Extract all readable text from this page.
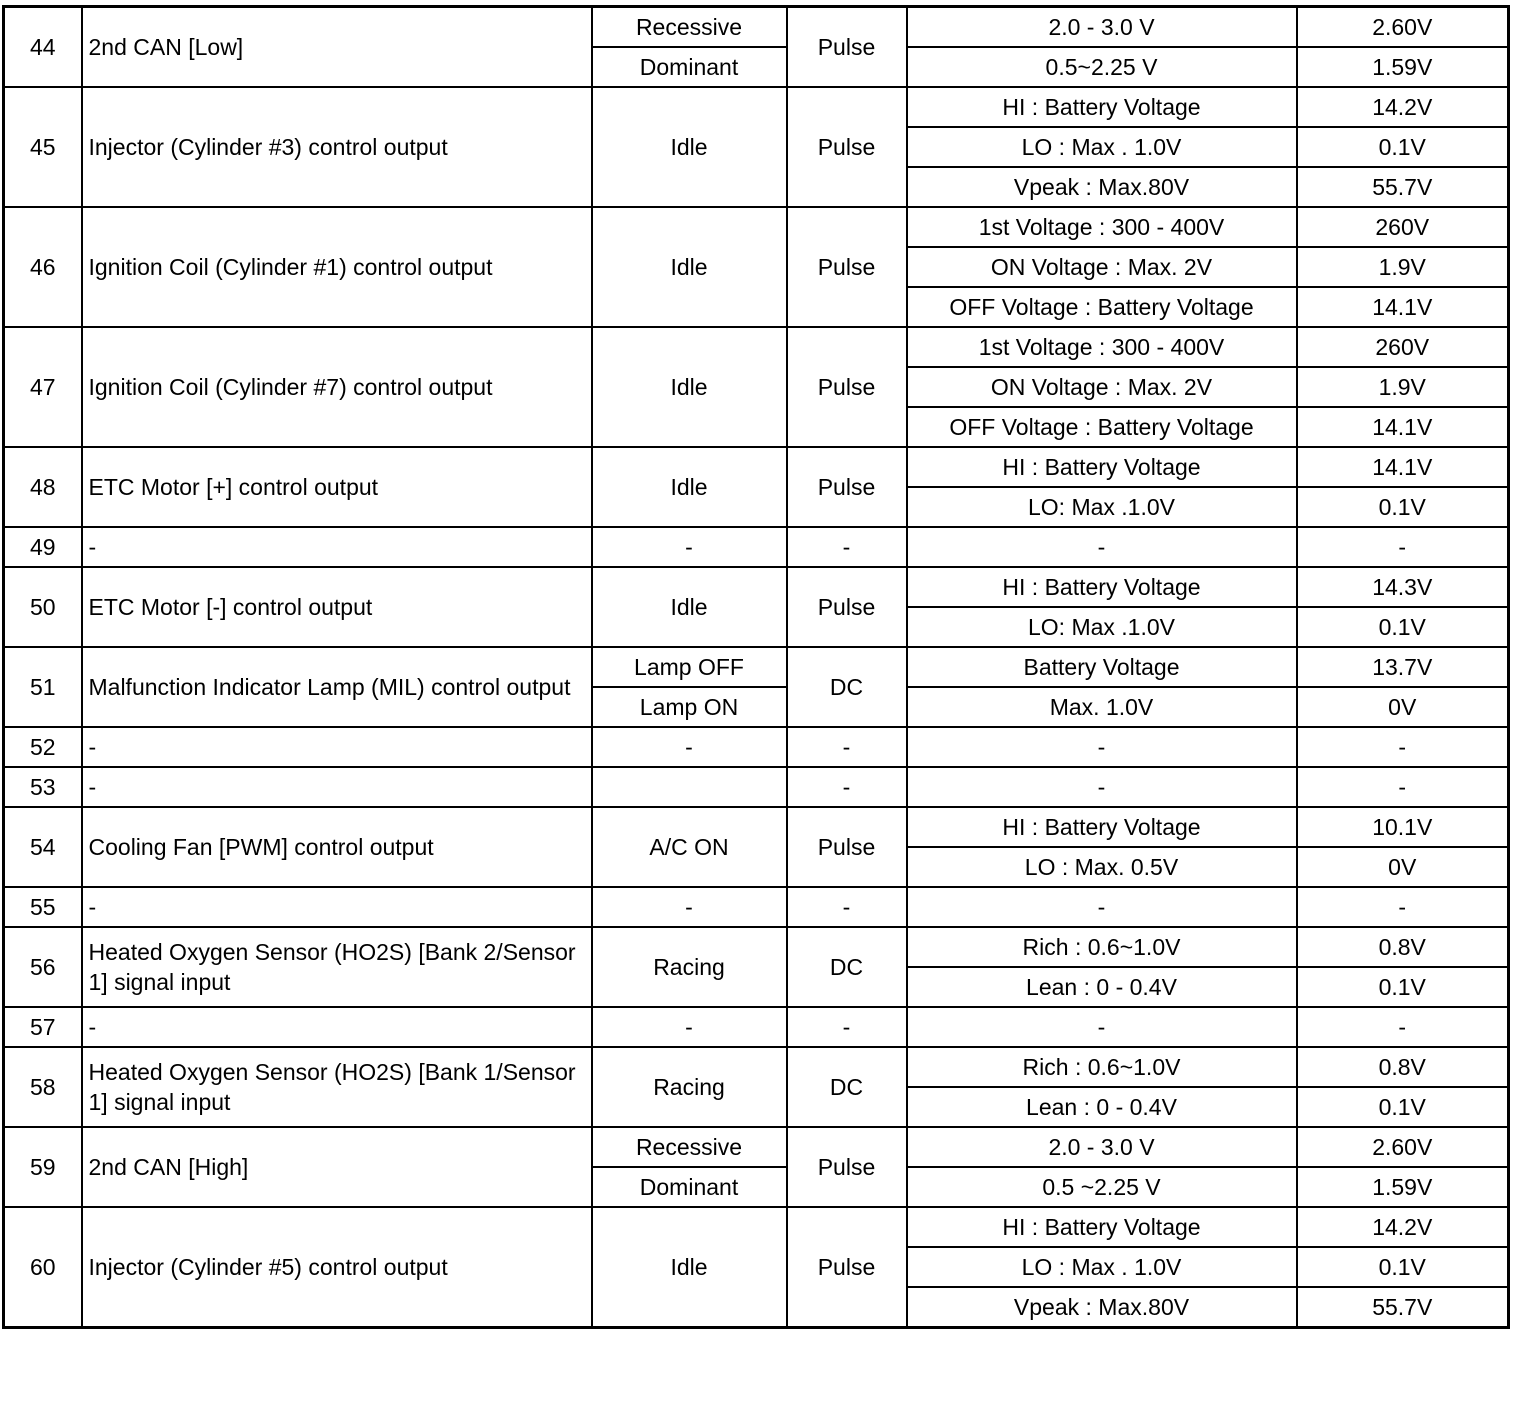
44	2nd CAN [Low]	Recessive	Pulse	2.0 - 3.0 V	2.60V
		Dominant		0.5~2.25 V	1.59V
45	Injector (Cylinder #3) control output	Idle	Pulse	HI : Battery Voltage	14.2V
				LO : Max . 1.0V	0.1V
				Vpeak : Max.80V	55.7V
46	Ignition Coil (Cylinder #1) control output	Idle	Pulse	1st Voltage : 300 - 400V	260V
				ON Voltage : Max. 2V	1.9V
				OFF Voltage : Battery Voltage	14.1V
47	Ignition Coil (Cylinder #7) control output	Idle	Pulse	1st Voltage : 300 - 400V	260V
				ON Voltage : Max. 2V	1.9V
				OFF Voltage : Battery Voltage	14.1V
48	ETC Motor [+] control output	Idle	Pulse	HI : Battery Voltage	14.1V
				LO: Max .1.0V	0.1V
49	-	-	-	-	-
50	ETC Motor [-] control output	Idle	Pulse	HI : Battery Voltage	14.3V
				LO: Max .1.0V	0.1V
51	Malfunction Indicator Lamp (MIL) control output	Lamp OFF	DC	Battery Voltage	13.7V
		Lamp ON		Max. 1.0V	0V
52	-	-	-	-	-
53	-		-	-	-
54	Cooling Fan [PWM] control output	A/C ON	Pulse	HI : Battery Voltage	10.1V
				LO : Max. 0.5V	0V
55	-	-	-	-	-
56	Heated Oxygen Sensor (HO2S) [Bank 2/Sensor 1] signal input	Racing	DC	Rich : 0.6~1.0V	0.8V
				Lean : 0 - 0.4V	0.1V
57	-	-	-	-	-
58	Heated Oxygen Sensor (HO2S) [Bank 1/Sensor 1] signal input	Racing	DC	Rich : 0.6~1.0V	0.8V
				Lean : 0 - 0.4V	0.1V
59	2nd CAN [High]	Recessive	Pulse	2.0 - 3.0 V	2.60V
		Dominant		0.5 ~2.25 V	1.59V
60	Injector (Cylinder #5) control output	Idle	Pulse	HI : Battery Voltage	14.2V
				LO : Max . 1.0V	0.1V
				Vpeak : Max.80V	55.7V
